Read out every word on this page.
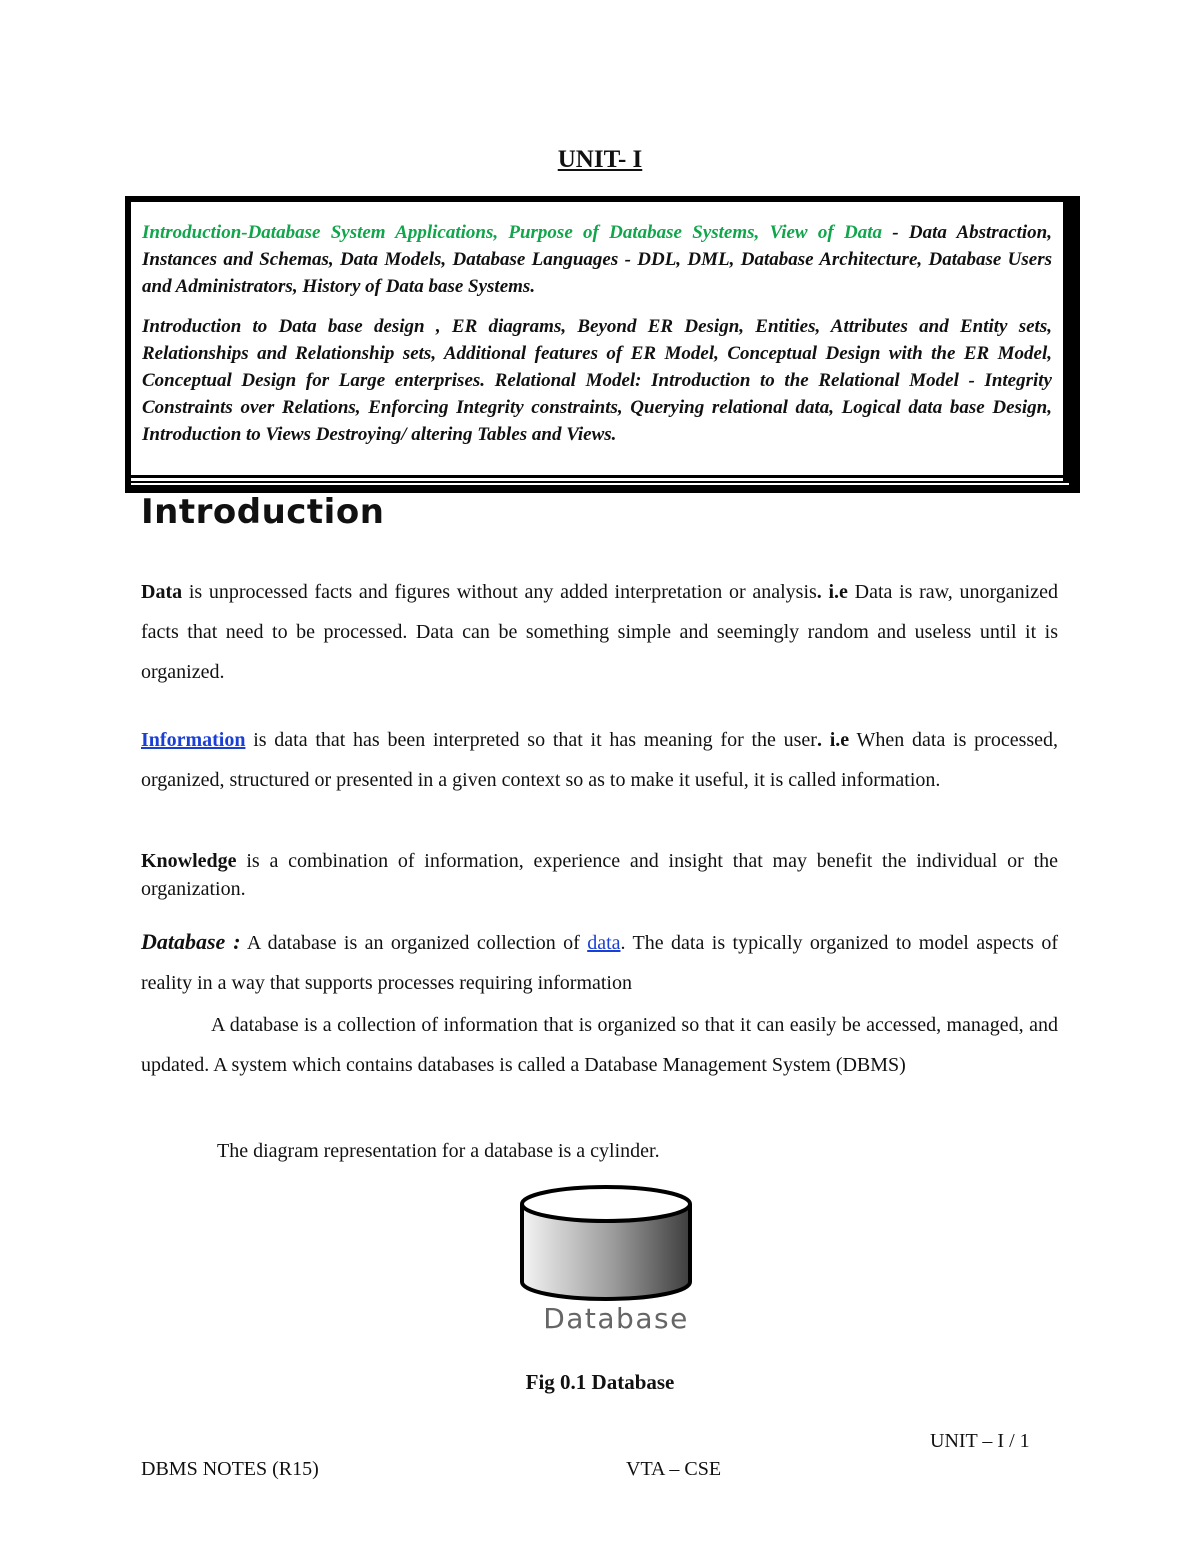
UNIT- I

Introduction-Database System Applications, Purpose of Database Systems, View of Data - Data Abstraction, Instances and Schemas, Data Models, Database Languages - DDL, DML, Database Architecture, Database Users and Administrators, History of Data base Systems.

Introduction to Data base design , ER diagrams, Beyond ER Design, Entities, Attributes and Entity sets, Relationships and Relationship sets, Additional features of ER Model, Conceptual Design with the ER Model, Conceptual Design for Large enterprises. Relational Model: Introduction to the Relational Model - Integrity Constraints over Relations, Enforcing Integrity constraints, Querying relational data, Logical data base Design, Introduction to Views Destroying/ altering Tables and Views.

Introduction

Data is unprocessed facts and figures without any added interpretation or analysis. i.e Data is raw, unorganized facts that need to be processed. Data can be something simple and seemingly random and useless until it is organized.

Information is data that has been interpreted so that it has meaning for the user. i.e When data is processed, organized, structured or presented in a given context so as to make it useful, it is called information.

Knowledge is a combination of information, experience and insight that may benefit the individual or the organization.

Database : A database is an organized collection of data. The data is typically organized to model aspects of reality in a way that supports processes requiring information

A database is a collection of information that is organized so that it can easily be accessed, managed, and updated. A system which contains databases is called a Database Management System (DBMS)

The diagram representation for a database is a cylinder.

Database
Fig 0.1 Database
UNIT – I / 1
DBMS NOTES (R15)	VTA – CSE
